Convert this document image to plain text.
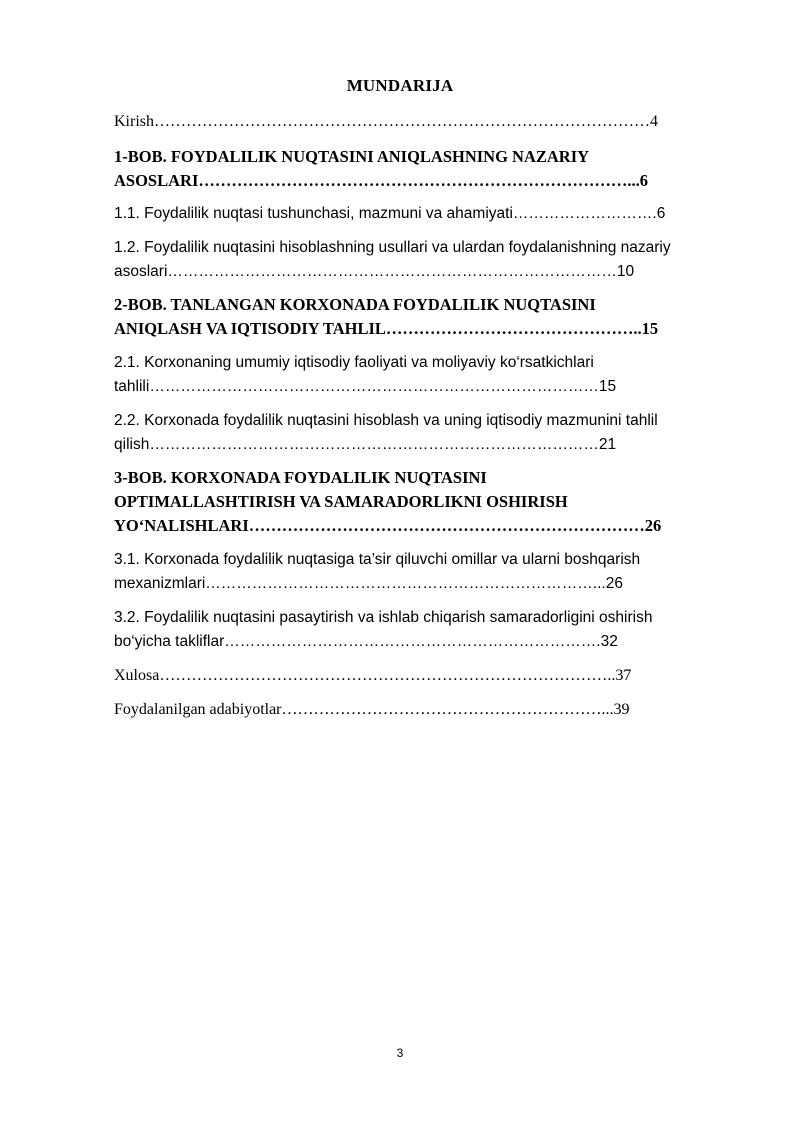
MUNDARIJA
Kirish…………………………………………………………………………………4
1-BOB. FOYDALILIK NUQTASINI ANIQLASHNING NAZARIY
ASOSLARI……………………………………………………………………...6
1.1. Foydalilik nuqtasi tushunchasi, mazmuni va ahamiyati……………………….6
1.2. Foydalilik nuqtasini hisoblashning usullari va ulardan foydalanishning nazariy
asoslari……………………………………………………………………………10
2-BOB. TANLANGAN KORXONADA FOYDALILIK NUQTASINI
ANIQLASH VA IQTISODIY TAHLIL………………………………………..15
2.1. Korxonaning umumiy iqtisodiy faoliyati va moliyaviy ko‘rsatkichlari
tahlili……………………………………………………………………………15
2.2. Korxonada foydalilik nuqtasini hisoblash va uning iqtisodiy mazmunini tahlil
qilish……………………………………………………………………………21
3-BOB. KORXONADA FOYDALILIK NUQTASINI
OPTIMALLASHTIRISH VA SAMARADORLIKNI OSHIRISH
YO‘NALISHLARI………………………………………………………………26
3.1. Korxonada foydalilik nuqtasiga ta’sir qiluvchi omillar va ularni boshqarish
mexanizmlari…………………………………………………………………...26
3.2. Foydalilik nuqtasini pasaytirish va ishlab chiqarish samaradorligini oshirish
bo‘yicha takliflar……………………………………………………………….32
Xulosa…………………………………………………………………………..37
Foydalanilgan adabiyotlar……………………………………………………...39
3
